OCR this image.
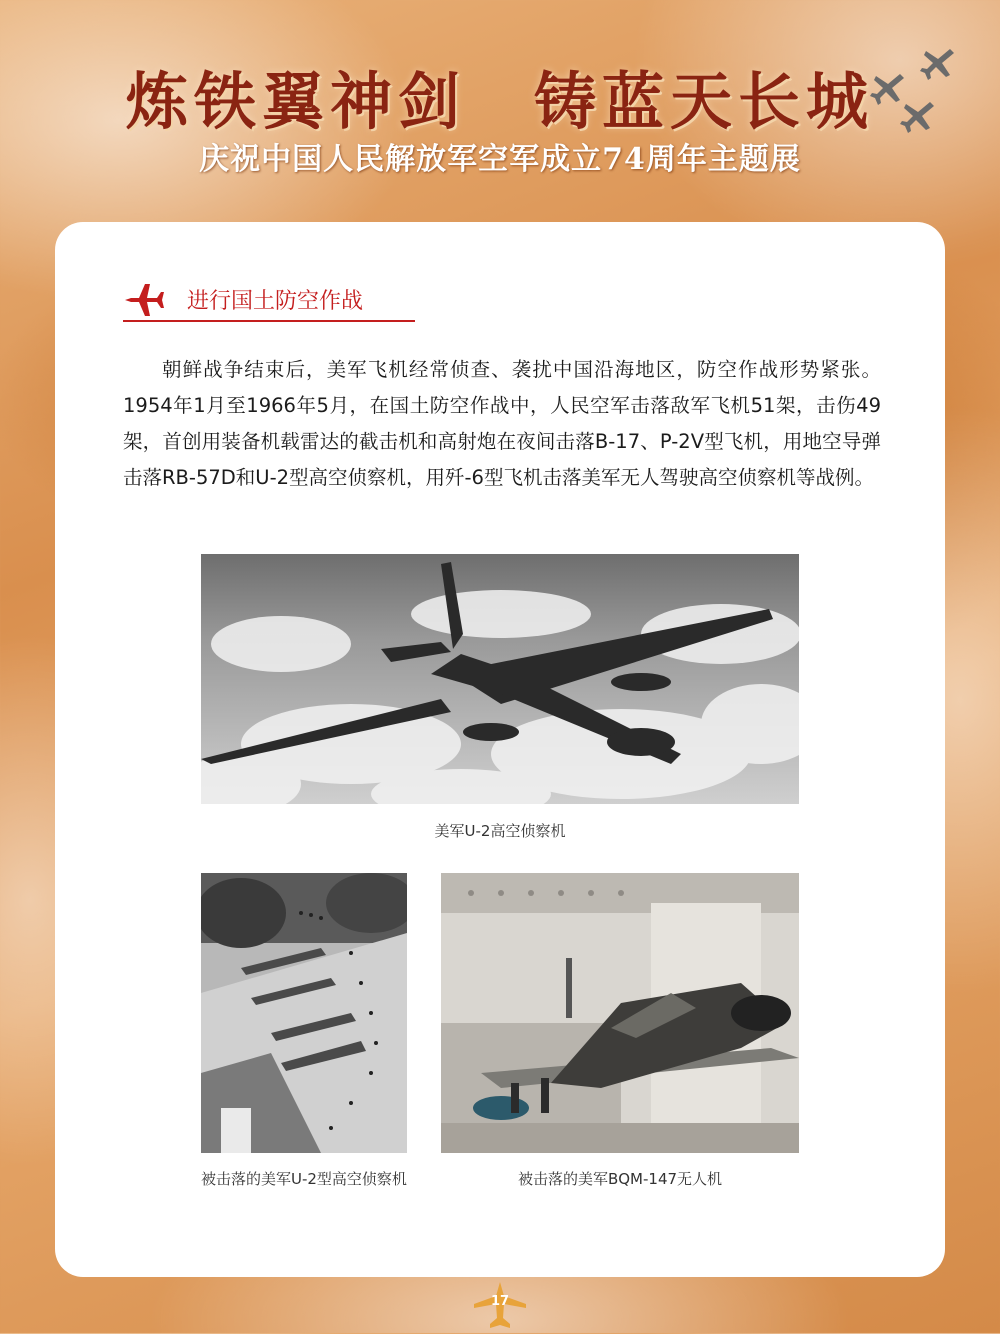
炼铁翼神剑　铸蓝天长城
庆祝中国人民解放军空军成立74周年主题展
进行国土防空作战

朝鲜战争结束后，美军飞机经常侦查、袭扰中国沿海地区，防空作战形势紧张。1954年1月至1966年5月，在国土防空作战中，人民空军击落敌军飞机51架，击伤49架，首创用装备机载雷达的截击机和高射炮在夜间击落B-17、P-2V型飞机，用地空导弹击落RB-57D和U-2型高空侦察机，用歼-6型飞机击落美军无人驾驶高空侦察机等战例。

美军U-2高空侦察机
被击落的美军U-2型高空侦察机	被击落的美军BQM-147无人机
17
